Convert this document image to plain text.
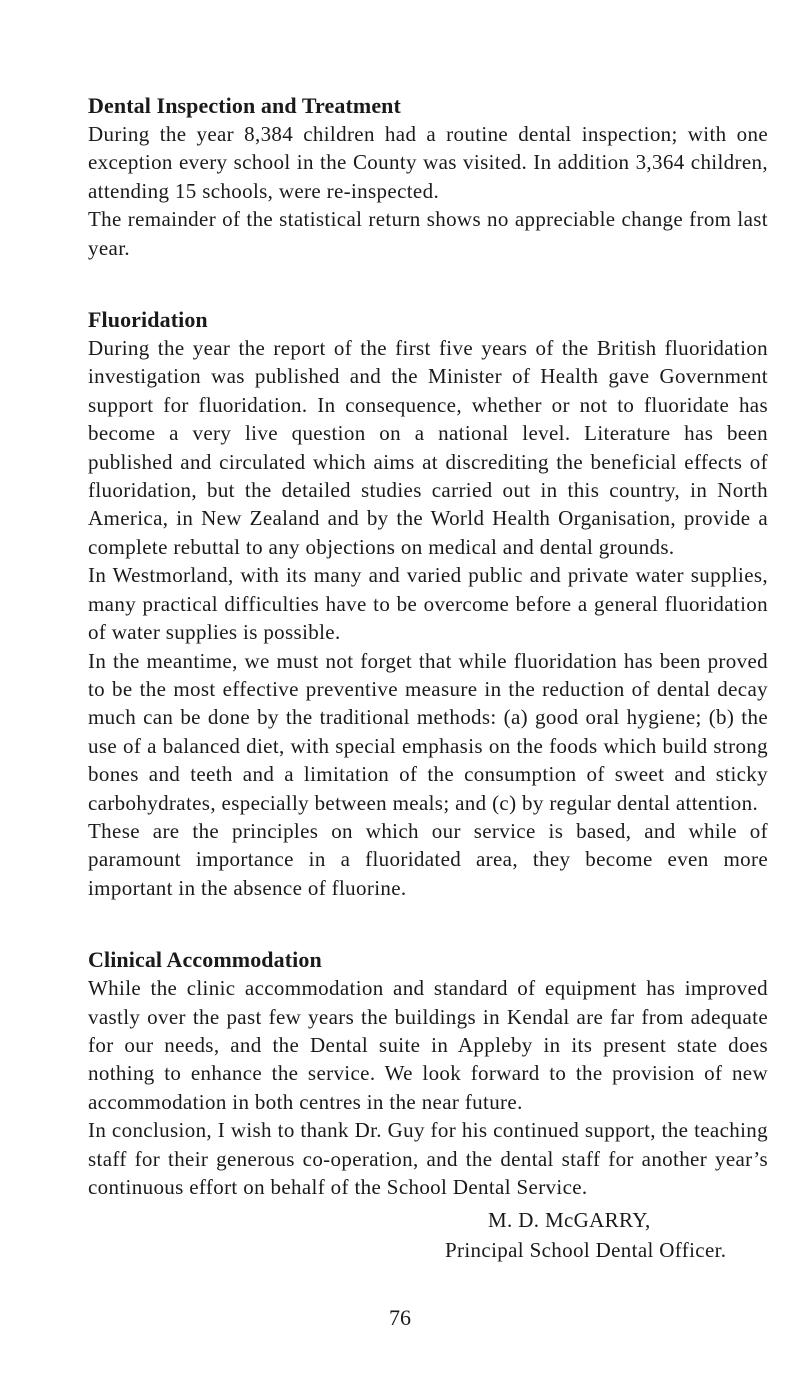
Dental Inspection and Treatment

During the year 8,384 children had a routine dental inspection; with one exception every school in the County was visited. In addition 3,364 children, attending 15 schools, were re-inspected.

The remainder of the statistical return shows no appreciable change from last year.

Fluoridation

During the year the report of the first five years of the British fluoridation investigation was published and the Minister of Health gave Government support for fluoridation. In consequence, whether or not to fluoridate has become a very live question on a national level. Literature has been published and circulated which aims at discrediting the beneficial effects of fluoridation, but the detailed studies carried out in this country, in North America, in New Zealand and by the World Health Organisation, provide a complete rebuttal to any objections on medical and dental grounds.

In Westmorland, with its many and varied public and private water supplies, many practical difficulties have to be overcome before a general fluoridation of water supplies is possible.

In the meantime, we must not forget that while fluoridation has been proved to be the most effective preventive measure in the reduction of dental decay much can be done by the traditional methods: (a) good oral hygiene; (b) the use of a balanced diet, with special emphasis on the foods which build strong bones and teeth and a limitation of the consumption of sweet and sticky carbohydrates, especially between meals; and (c) by regular dental attention.

These are the principles on which our service is based, and while of paramount importance in a fluoridated area, they become even more important in the absence of fluorine.

Clinical Accommodation

While the clinic accommodation and standard of equipment has improved vastly over the past few years the buildings in Kendal are far from adequate for our needs, and the Dental suite in Appleby in its present state does nothing to enhance the service. We look forward to the provision of new accommodation in both centres in the near future.

In conclusion, I wish to thank Dr. Guy for his continued support, the teaching staff for their generous co-operation, and the dental staff for another year’s continuous effort on behalf of the School Dental Service.

M. D. McGARRY,
Principal School Dental Officer.
76
